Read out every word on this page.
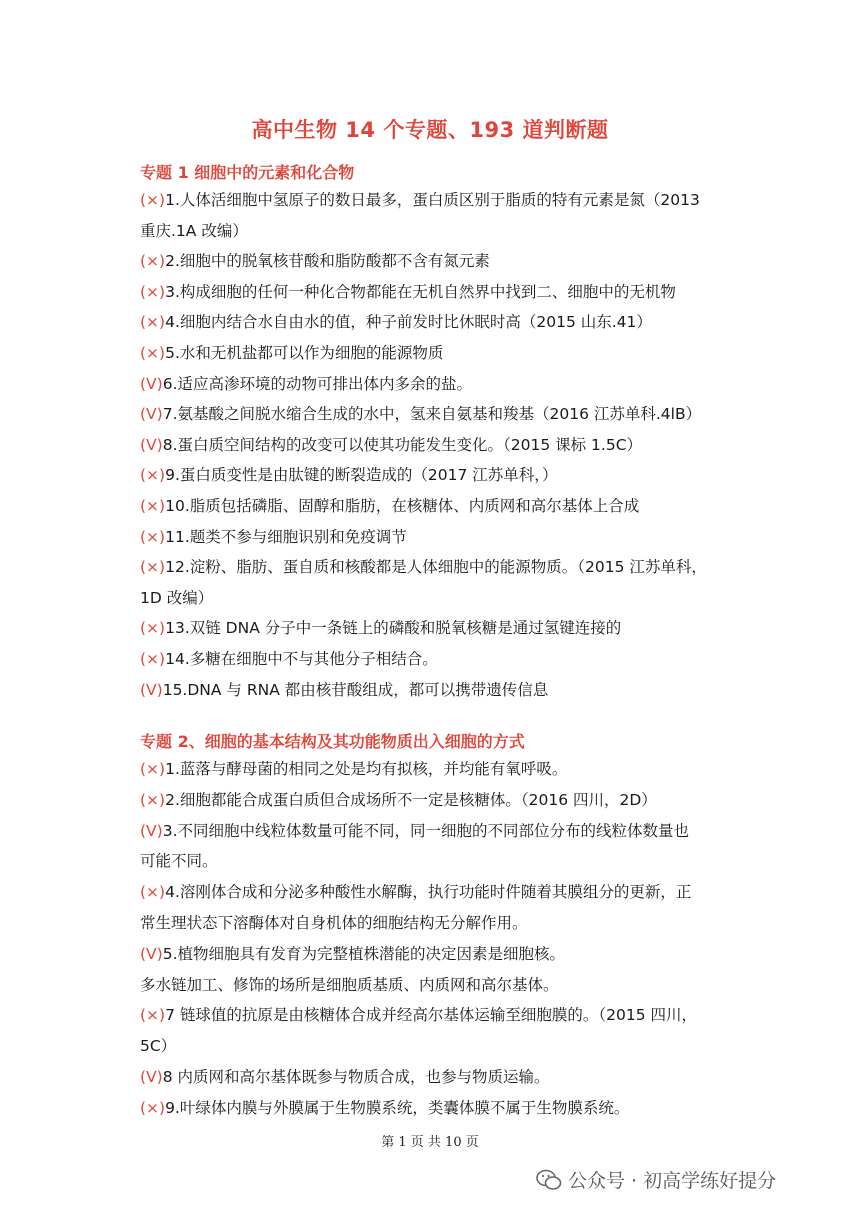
高中生物 14 个专题、193 道判断题
专题 1 细胞中的元素和化合物
(×)1.人体活细胞中氢原子的数日最多，蛋白质区别于脂质的特有元素是氮（2013
重庆.1A 改编）
(×)2.细胞中的脱氧核苷酸和脂防酸都不含有氮元素
(×)3.构成细胞的任何一种化合物都能在无机自然界中找到二、细胞中的无机物
(×)4.细胞内结合水自由水的值，种子前发时比休眠时高（2015 山东.41）
(×)5.水和无机盐都可以作为细胞的能源物质
(V)6.适应高渗环境的动物可排出体内多余的盐。
(V)7.氨基酸之间脱水缩合生成的水中，氢来自氨基和羧基（2016 江苏单科.4lB）
(V)8.蛋白质空间结构的改变可以使其功能发生变化。（2015 课标 1.5C）
(×)9.蛋白质变性是由肽键的断裂造成的（2017 江苏单科，）
(×)10.脂质包括磷脂、固醇和脂肪，在核糖体、内质网和高尔基体上合成
(×)11.题类不参与细胞识别和免疫调节
(×)12.淀粉、脂肪、蛋自质和核酸都是人体细胞中的能源物质。（2015 江苏单科，
1D 改编）
(×)13.双链 DNA 分子中一条链上的磷酸和脱氧核糖是通过氢键连接的
(×)14.多糖在细胞中不与其他分子相结合。
(V)15.DNA 与 RNA 都由核苷酸组成，都可以携带遗传信息
专题 2、细胞的基本结构及其功能物质出入细胞的方式
(×)1.蓝落与酵母菌的相同之处是均有拟核，并均能有氧呼吸。
(×)2.细胞都能合成蛋白质但合成场所不一定是核糖体。（2016 四川，2D）
(V)3.不同细胞中线粒体数量可能不同，同一细胞的不同部位分布的线粒体数量也
可能不同。
(×)4.溶刚体合成和分泌多种酸性水解酶，执行功能时件随着其膜组分的更新，正
常生理状态下溶酶体对自身机体的细胞结构无分解作用。
(V)5.植物细胞具有发育为完整植株潜能的决定因素是细胞核。
多水链加工、修饰的场所是细胞质基质、内质网和高尔基体。
(×)7 链球值的抗原是由核糖体合成并经高尔基体运输至细胞膜的。（2015 四川，
5C）
(V)8 内质网和高尔基体既参与物质合成，也参与物质运输。
(×)9.叶绿体内膜与外膜属于生物膜系统，类囊体膜不属于生物膜系统。
第 1 页 共 10 页
公众号 · 初高学练好提分
